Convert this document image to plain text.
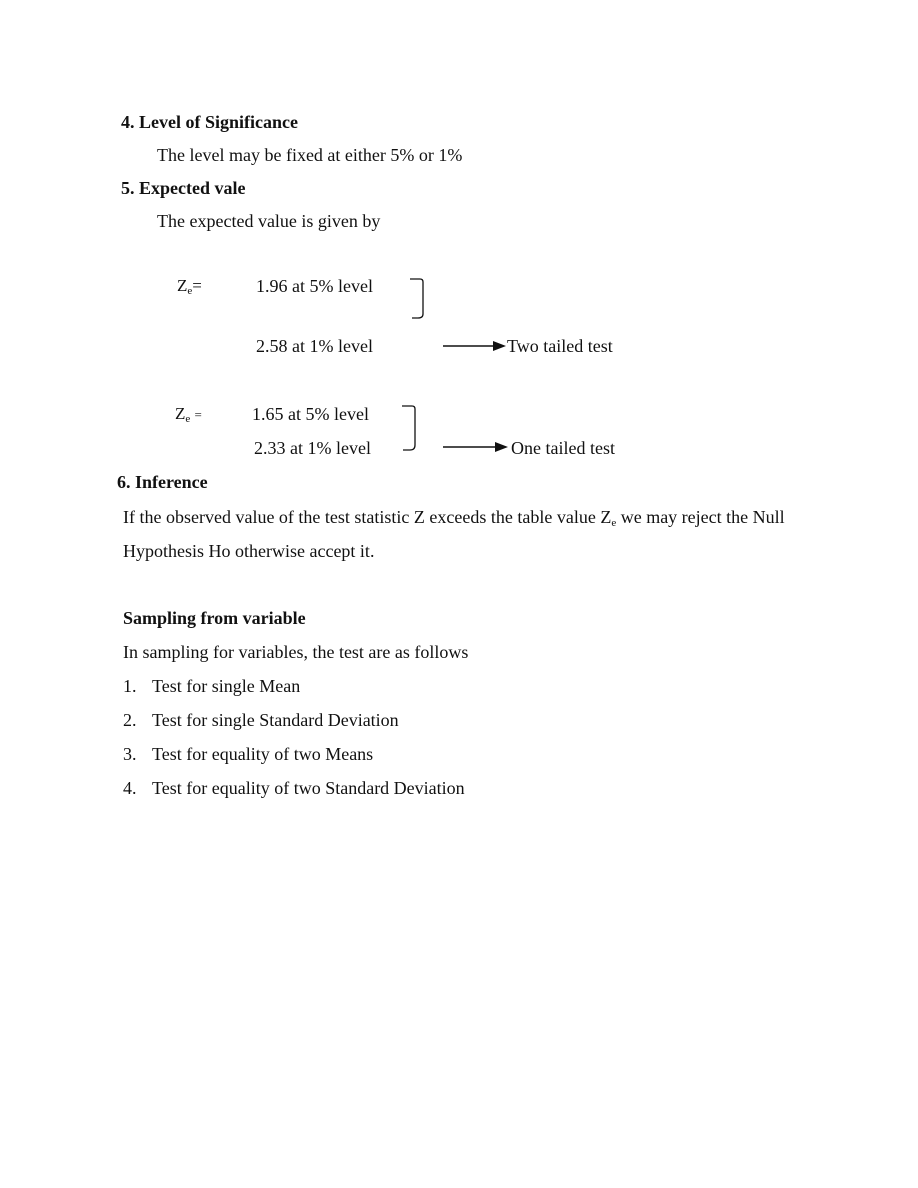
4. Level of Significance
The level may be fixed at either 5% or 1%
5. Expected vale
The expected value is given by
$Z_e=$	1.96 at 5% level
2.58 at 1% level	Two tailed test
$Z_e$ =	1.65 at 5% level
2.33 at 1% level	One tailed test
6. Inference
If the observed value of the test statistic Z exceeds the table value $Z_e$ we may reject the Null
Hypothesis Ho otherwise accept it.
Sampling from variable
In sampling for variables, the test are as follows
1. Test for single Mean
2. Test for single Standard Deviation
3. Test for equality of two Means
4. Test for equality of two Standard Deviation
